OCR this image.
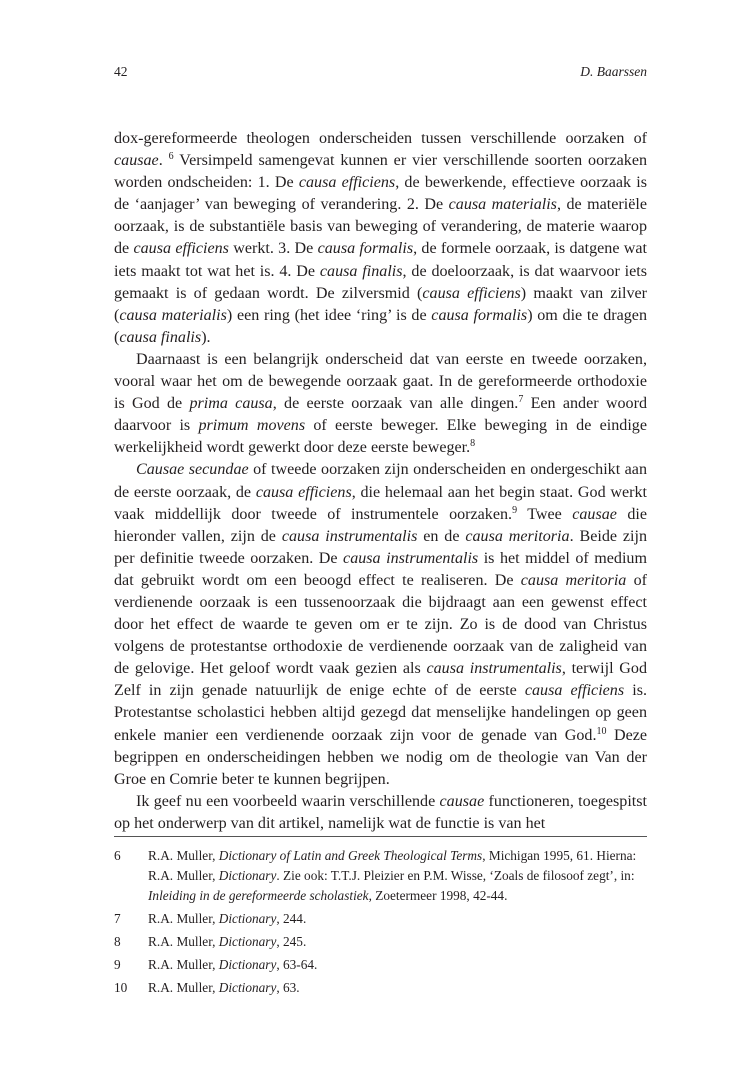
42	D. Baarssen

dox-gereformeerde theologen onderscheiden tussen verschillende oorzaken of causae. $^6$ Versimpeld samengevat kunnen er vier verschillende soorten oorzaken worden ondscheiden: 1. De causa efficiens, de bewerkende, effectieve oorzaak is de ‘aanjager’ van beweging of verandering. 2. De causa materialis, de materiële oorzaak, is de substantiële basis van beweging of verandering, de materie waarop de causa efficiens werkt. 3. De causa formalis, de formele oorzaak, is datgene wat iets maakt tot wat het is. 4. De causa finalis, de doeloorzaak, is dat waarvoor iets gemaakt is of gedaan wordt. De zilversmid (causa efficiens) maakt van zilver (causa materialis) een ring (het idee ‘ring’ is de causa formalis) om die te dragen (causa finalis).

Daarnaast is een belangrijk onderscheid dat van eerste en tweede oorzaken, vooral waar het om de bewegende oorzaak gaat. In de gereformeerde orthodoxie is God de prima causa, de eerste oorzaak van alle dingen.$^7$ Een ander woord daarvoor is primum movens of eerste beweger. Elke beweging in de eindige werkelijkheid wordt gewerkt door deze eerste beweger.$^8$

Causae secundae of tweede oorzaken zijn onderscheiden en ondergeschikt aan de eerste oorzaak, de causa efficiens, die helemaal aan het begin staat. God werkt vaak middellijk door tweede of instrumentele oorzaken.$^9$ Twee causae die hieronder vallen, zijn de causa instrumentalis en de causa meritoria. Beide zijn per definitie tweede oorzaken. De causa instrumentalis is het middel of medium dat gebruikt wordt om een beoogd effect te realiseren. De causa meritoria of verdienende oorzaak is een tussenoorzaak die bijdraagt aan een gewenst effect door het effect de waarde te geven om er te zijn. Zo is de dood van Christus volgens de protestantse orthodoxie de verdienende oorzaak van de zaligheid van de gelovige. Het geloof wordt vaak gezien als causa instrumentalis, terwijl God Zelf in zijn genade natuurlijk de enige echte of de eerste causa efficiens is. Protestantse scholastici hebben altijd gezegd dat menselijke handelingen op geen enkele manier een verdienende oorzaak zijn voor de genade van God.$^{10}$ Deze begrippen en onderscheidingen hebben we nodig om de theologie van Van der Groe en Comrie beter te kunnen begrijpen.

Ik geef nu een voorbeeld waarin verschillende causae functioneren, toegespitst op het onderwerp van dit artikel, namelijk wat de functie is van het

6 R.A. Muller, Dictionary of Latin and Greek Theological Terms, Michigan 1995, 61. Hierna: R.A. Muller, Dictionary. Zie ook: T.T.J. Pleizier en P.M. Wisse, ‘Zoals de filosoof zegt’, in: Inleiding in de gereformeerde scholastiek, Zoetermeer 1998, 42-44.
7 R.A. Muller, Dictionary, 244.
8 R.A. Muller, Dictionary, 245.
9 R.A. Muller, Dictionary, 63-64.
10 R.A. Muller, Dictionary, 63.
